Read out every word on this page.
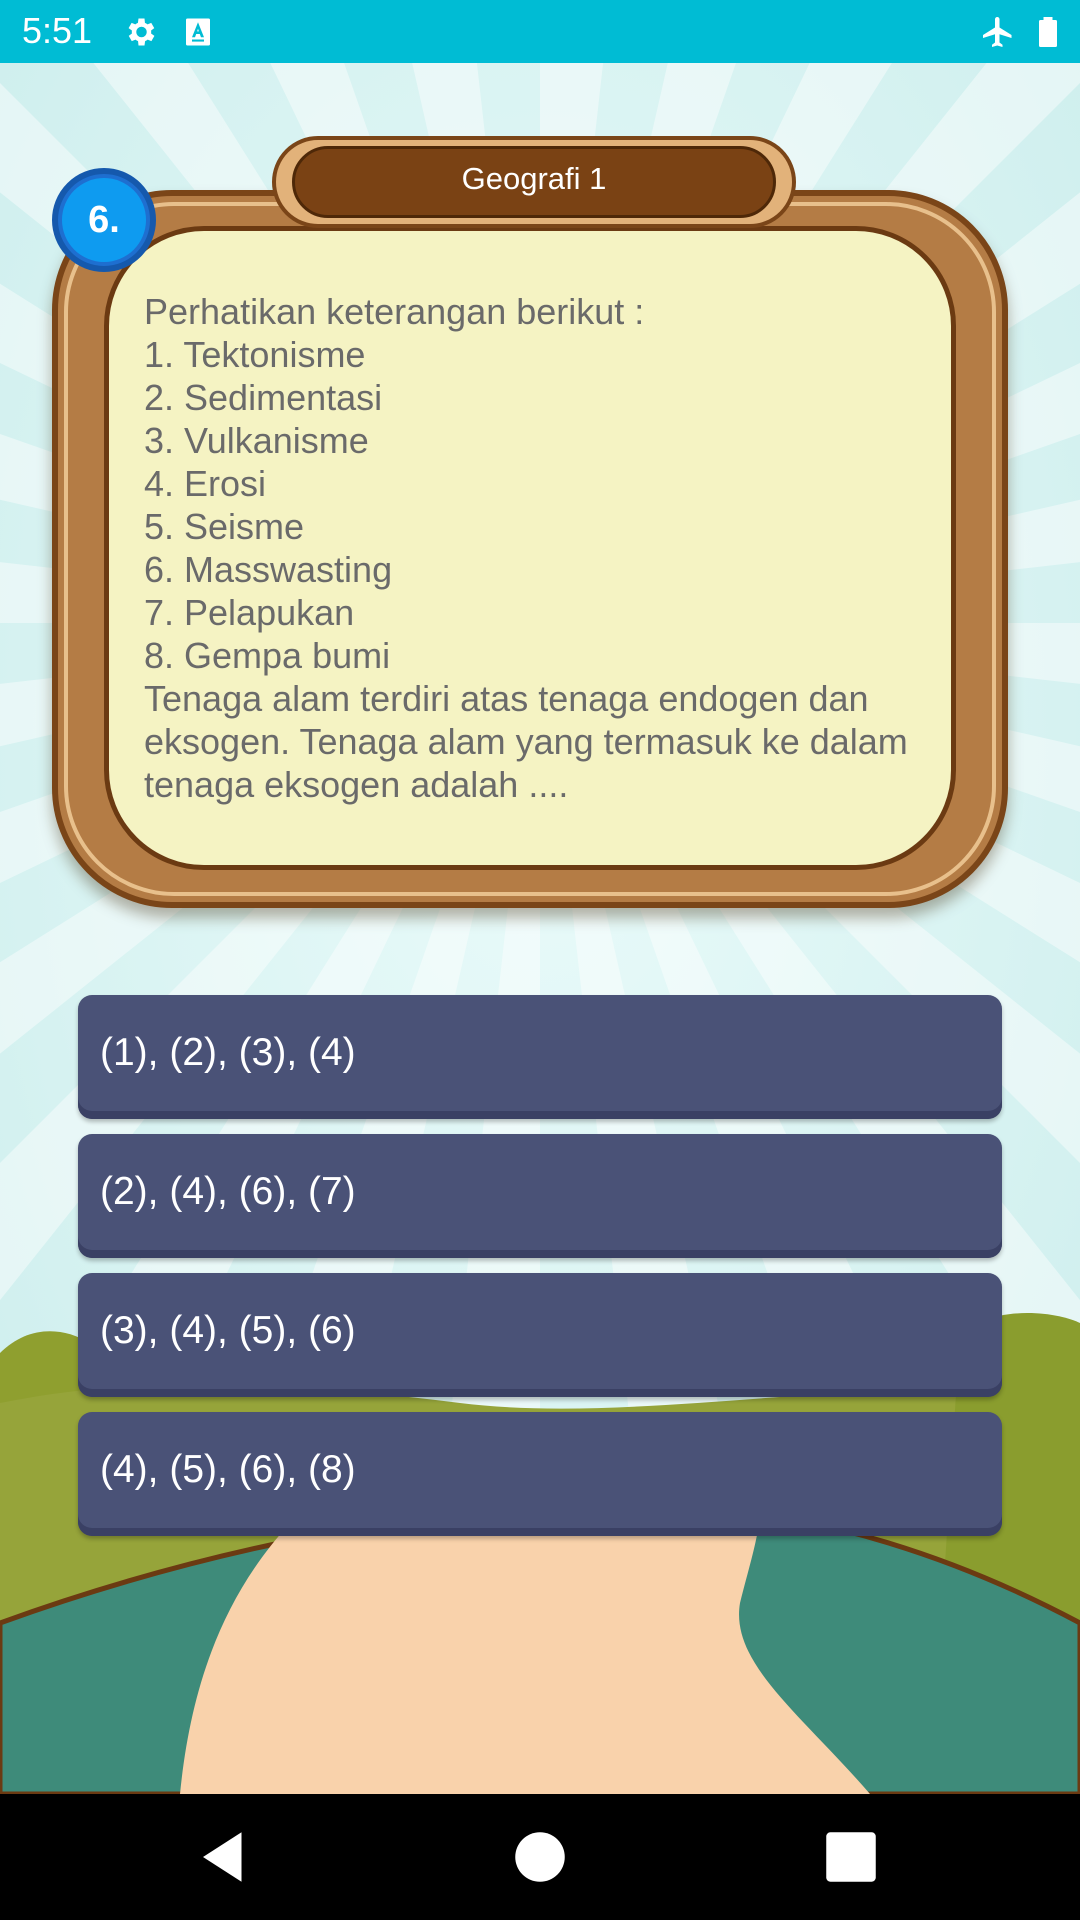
5:51
Perhatikan keterangan berikut :
1. Tektonisme
2. Sedimentasi
3. Vulkanisme
4. Erosi
5. Seisme
6. Masswasting
7. Pelapukan
8. Gempa bumi
Tenaga alam terdiri atas tenaga endogen dan
eksogen. Tenaga alam yang termasuk ke dalam
tenaga eksogen adalah ....
Geografi 1
6.
(1), (2), (3), (4)
(2), (4), (6), (7)
(3), (4), (5), (6)
(4), (5), (6), (8)
